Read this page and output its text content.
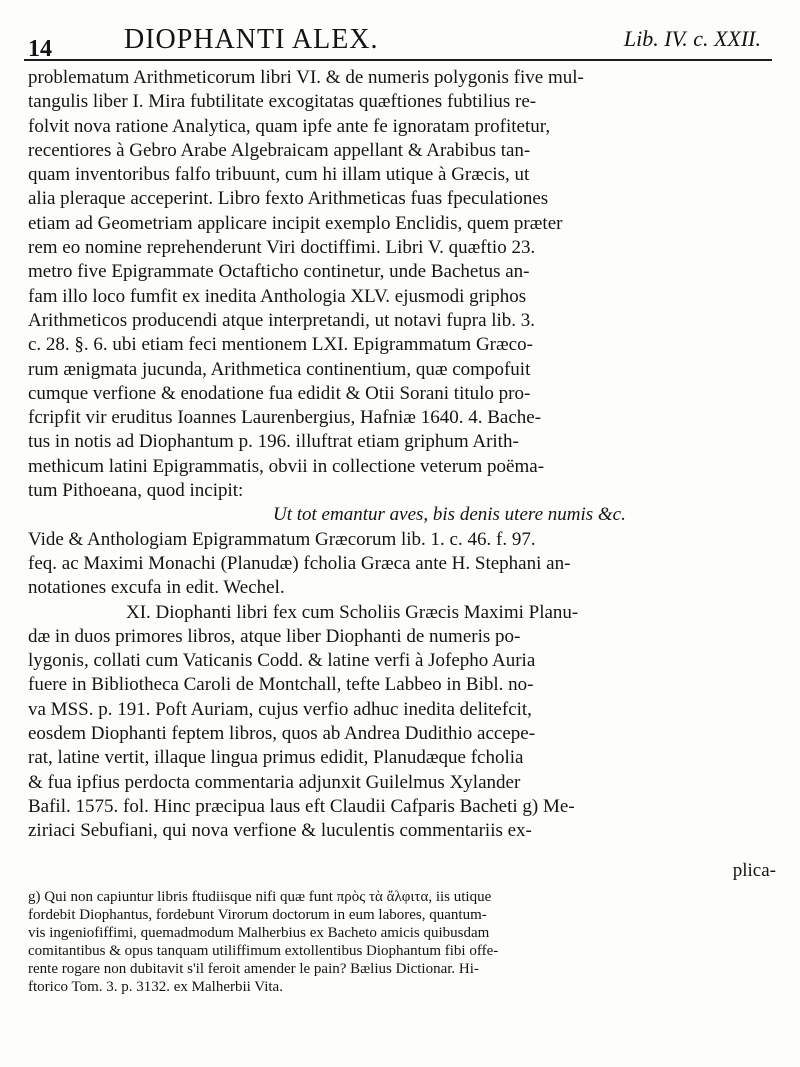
14	DIOPHANTI ALEX.	Lib. IV. c. XXII.

problematum Arithmeticorum libri VI. & de numeris polygonis five mul-

tangulis liber I. Mira fubtilitate excogitatas quæftiones fubtilius re-

folvit nova ratione Analytica, quam ipfe ante fe ignoratam profitetur,

recentiores à Gebro Arabe Algebraicam appellant & Arabibus tan-

quam inventoribus falfo tribuunt, cum hi illam utique à Græcis, ut

alia pleraque acceperint. Libro fexto Arithmeticas fuas fpeculationes

etiam ad Geometriam applicare incipit exemplo Enclidis, quem præter

rem eo nomine reprehenderunt Viri doctiffimi. Libri V. quæftio 23.

metro five Epigrammate Octafticho continetur, unde Bachetus an-

fam illo loco fumfit ex inedita Anthologia XLV. ejusmodi griphos

Arithmeticos producendi atque interpretandi, ut notavi fupra lib. 3.

c. 28. §. 6. ubi etiam feci mentionem LXI. Epigrammatum Græco-

rum ænigmata jucunda, Arithmetica continentium, quæ compofuit

cumque verfione & enodatione fua edidit & Otii Sorani titulo pro-

fcripfit vir eruditus Ioannes Laurenbergius, Hafniæ 1640. 4. Bache-

tus in notis ad Diophantum p. 196. illuftrat etiam griphum Arith-

methicum latini Epigrammatis, obvii in collectione veterum poëma-

tum Pithoeana, quod incipit:

Ut tot emantur aves, bis denis utere numis &c.

Vide & Anthologiam Epigrammatum Græcorum lib. 1. c. 46. f. 97.

feq. ac Maximi Monachi (Planudæ) fcholia Græca ante H. Stephani an-

notationes excufa in edit. Wechel.

XI. Diophanti libri fex cum Scholiis Græcis Maximi Planu-

dæ in duos primores libros, atque liber Diophanti de numeris po-

lygonis, collati cum Vaticanis Codd. & latine verfi à Jofepho Auria

fuere in Bibliotheca Caroli de Montchall, tefte Labbeo in Bibl. no-

va MSS. p. 191. Poft Auriam, cujus verfio adhuc inedita delitefcit,

eosdem Diophanti feptem libros, quos ab Andrea Dudithio accepe-

rat, latine vertit, illaque lingua primus edidit, Planudæque fcholia

& fua ipfius perdocta commentaria adjunxit Guilelmus Xylander

Bafil. 1575. fol. Hinc præcipua laus eft Claudii Cafparis Bacheti g) Me-

ziriaci Sebufiani, qui nova verfione & luculentis commentariis ex-

plica-

g) Qui non capiuntur libris ftudiisque nifi quæ funt πρὸς τὰ ἄλφιτα, iis utique

fordebit Diophantus, fordebunt Virorum doctorum in eum labores, quantum-

vis ingeniofiffimi, quemadmodum Malherbius ex Bacheto amicis quibusdam

comitantibus & opus tanquam utiliffimum extollentibus Diophantum fibi offe-

rente rogare non dubitavit s'il feroit amender le pain? Bælius Dictionar. Hi-

ftorico Tom. 3. p. 3132. ex Malherbii Vita.
